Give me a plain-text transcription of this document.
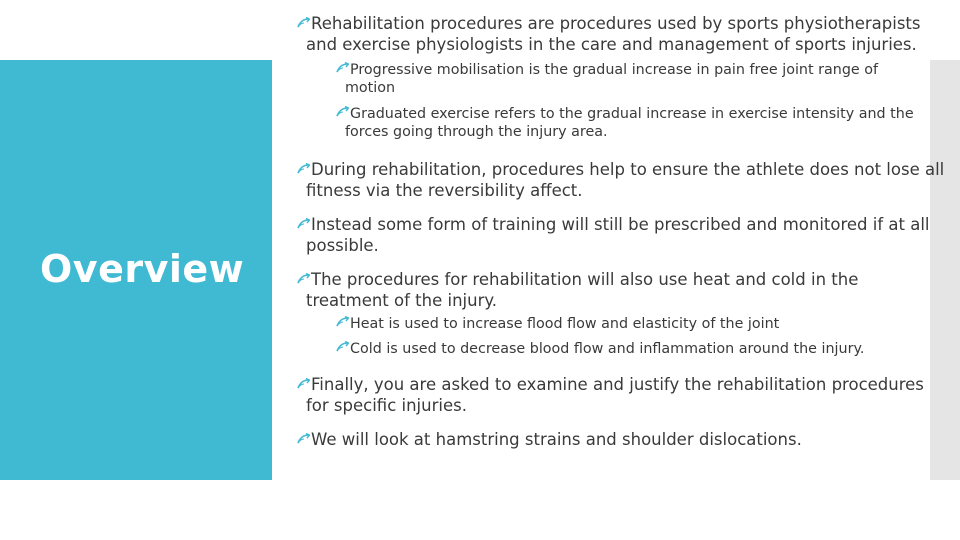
Overview

Rehabilitation procedures are procedures used by sports physiotherapists and exercise physiologists in the care and management of sports injuries.

Progressive mobilisation is the gradual increase in pain free joint range of motion

Graduated exercise refers to the gradual increase in exercise intensity and the forces going through the injury area.

During rehabilitation, procedures help to ensure the athlete does not lose all fitness via the reversibility affect.

Instead some form of training will still be prescribed and monitored if at all possible.

The procedures for rehabilitation will also use heat and cold in the treatment of the injury.

Heat is used to increase flood flow and elasticity of the joint

Cold is used to decrease blood flow and inflammation around the injury.

Finally, you are asked to examine and justify the rehabilitation procedures for specific injuries.

We will look at hamstring strains and shoulder dislocations.
